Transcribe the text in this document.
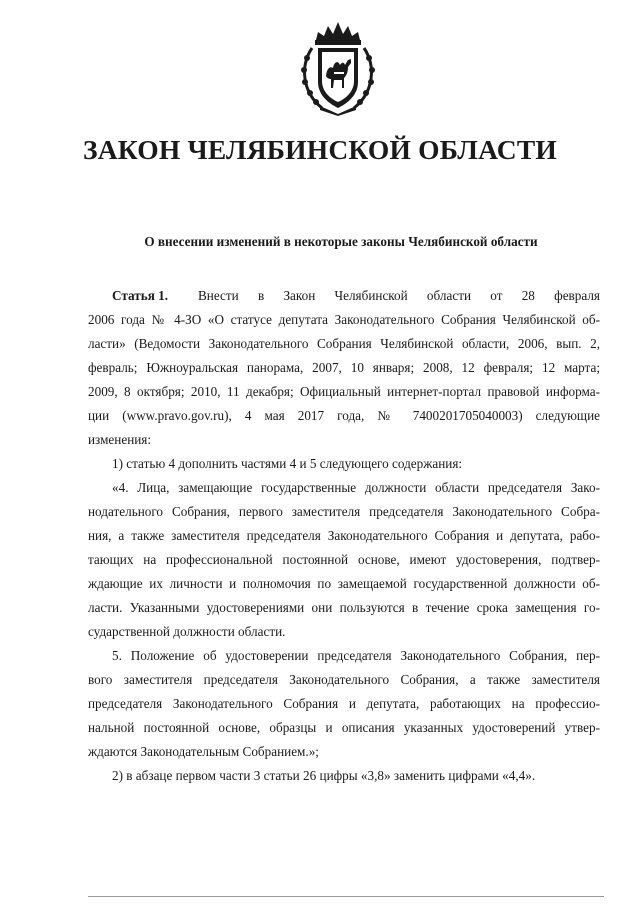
ЗАКОН ЧЕЛЯБИНСКОЙ ОБЛАСТИ
О внесении изменений в некоторые законы Челябинской области
Статья 1. Внести в Закон Челябинской области от 28 февраля
2006 года № 4-ЗО «О статусе депутата Законодательного Собрания Челябинской об-
ласти» (Ведомости Законодательного Собрания Челябинской области, 2006, вып. 2,
февраль; Южноуральская панорама, 2007, 10 января; 2008, 12 февраля; 12 марта;
2009, 8 октября; 2010, 11 декабря; Официальный интернет-портал правовой информа-
ции (www.pravo.gov.ru), 4 мая 2017 года, № 7400201705040003) следующие
изменения:
1) статью 4 дополнить частями 4 и 5 следующего содержания:
«4. Лица, замещающие государственные должности области председателя Зако-
нодательного Собрания, первого заместителя председателя Законодательного Собра-
ния, а также заместителя председателя Законодательного Собрания и депутата, рабо-
тающих на профессиональной постоянной основе, имеют удостоверения, подтвер-
ждающие их личности и полномочия по замещаемой государственной должности об-
ласти. Указанными удостоверениями они пользуются в течение срока замещения го-
сударственной должности области.
5. Положение об удостоверении председателя Законодательного Собрания, пер-
вого заместителя председателя Законодательного Собрания, а также заместителя
председателя Законодательного Собрания и депутата, работающих на профессио-
нальной постоянной основе, образцы и описания указанных удостоверений утвер-
ждаются Законодательным Собранием.»;
2) в абзаце первом части 3 статьи 26 цифры «3,8» заменить цифрами «4,4».
